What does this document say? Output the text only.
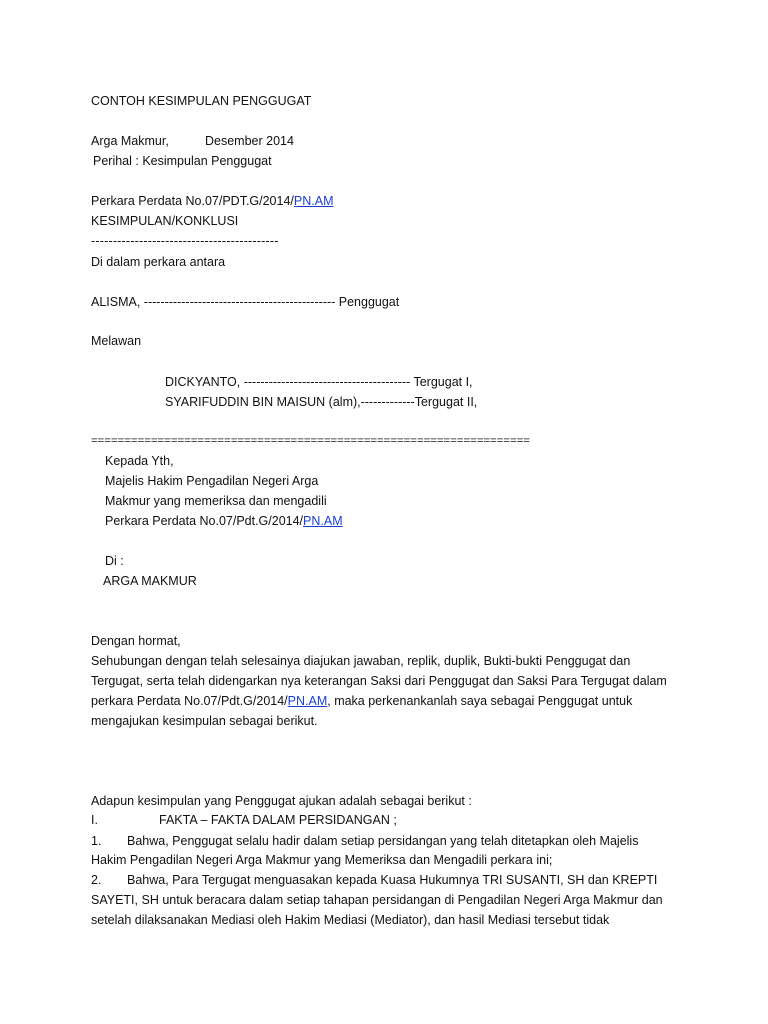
CONTOH KESIMPULAN PENGGUGAT
Arga Makmur,	Desember 2014
Perihal : Kesimpulan Penggugat
Perkara Perdata No.07/PDT.G/2014/PN.AM
KESIMPULAN/KONKLUSI
-------------------------------------------
Di dalam perkara antara
ALISMA, ---------------------------------------------- Penggugat
Melawan
DICKYANTO, ---------------------------------------- Tergugat I,
SYARIFUDDIN BIN MAISUN (alm),-------------Tergugat II,
==================================================================
Kepada Yth,
Majelis Hakim Pengadilan Negeri Arga
Makmur yang memeriksa dan mengadili
Perkara Perdata No.07/Pdt.G/2014/PN.AM
Di :
ARGA MAKMUR
Dengan hormat,
Sehubungan dengan telah selesainya diajukan jawaban, replik, duplik, Bukti-bukti Penggugat dan
Tergugat, serta telah didengarkan nya keterangan Saksi dari Penggugat dan Saksi Para Tergugat dalam
perkara Perdata No.07/Pdt.G/2014/PN.AM, maka perkenankanlah saya sebagai Penggugat untuk
mengajukan kesimpulan sebagai berikut.
Adapun kesimpulan yang Penggugat ajukan adalah sebagai berikut :
I.	FAKTA – FAKTA DALAM PERSIDANGAN ;
1. Bahwa, Penggugat selalu hadir dalam setiap persidangan yang telah ditetapkan oleh Majelis
Hakim Pengadilan Negeri Arga Makmur yang Memeriksa dan Mengadili perkara ini;
2. Bahwa, Para Tergugat menguasakan kepada Kuasa Hukumnya TRI SUSANTI, SH dan KREPTI
SAYETI, SH untuk beracara dalam setiap tahapan persidangan di Pengadilan Negeri Arga Makmur dan
setelah dilaksanakan Mediasi oleh Hakim Mediasi (Mediator), dan hasil Mediasi tersebut tidak
